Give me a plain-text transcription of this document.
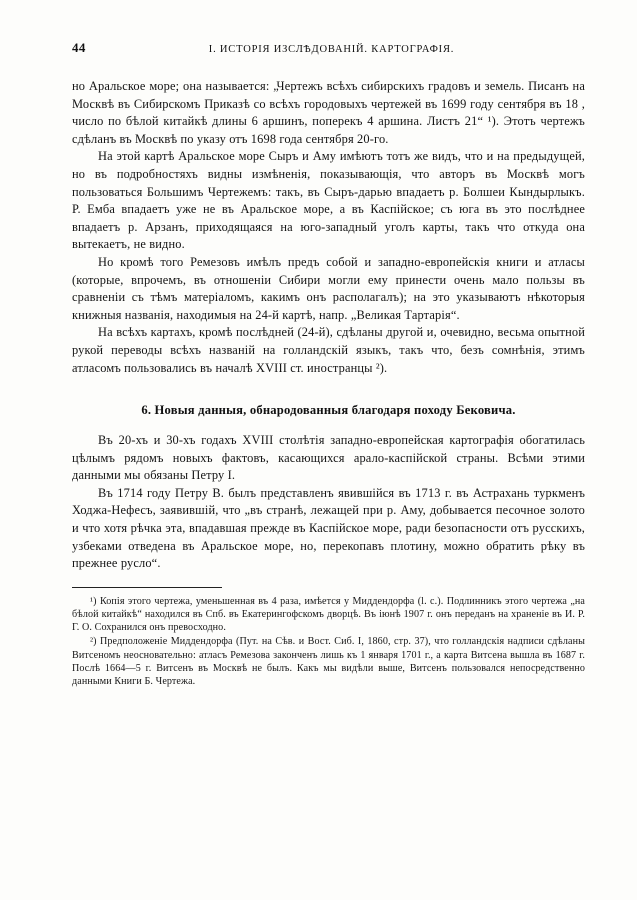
44	I. ИСТОРІЯ ИЗСЛѢДОВАНІЙ. КАРТОГРАФІЯ.

но Аральское море; она называется: „Чертежъ всѣхъ сибирскихъ градовъ и земель. Писанъ на Москвѣ въ Сибирскомъ Приказѣ со всѣхъ городовыхъ чертежей въ 1699 году сентября въ 18 , число по бѣлой китайкѣ длины 6 аршинъ, поперекъ 4 аршина. Листъ 21“ ¹). Этотъ чертежъ сдѣланъ въ Москвѣ по указу отъ 1698 года сентября 20-го.

На этой картѣ Аральское море Сыръ и Аму имѣютъ тотъ же видъ, что и на предыдущей, но въ подробностяхъ видны измѣненія, показывающія, что авторъ въ Москвѣ могъ пользоваться Большимъ Чертежемъ: такъ, въ Сыръ-дарью впадаетъ р. Болшеи Кындырлыкъ. Р. Емба впадаетъ уже не въ Аральское море, а въ Каспійское; съ юга въ это послѣднее впадаетъ р. Арзанъ, приходящаяся на юго-западный уголъ карты, такъ что откуда она вытекаетъ, не видно.

Но кромѣ того Ремезовъ имѣлъ предъ собой и западно-европейскія книги и атласы (которые, впрочемъ, въ отношеніи Сибири могли ему принести очень мало пользы въ сравненіи съ тѣмъ матеріаломъ, какимъ онъ располагалъ); на это указываютъ нѣкоторыя книжныя названія, находимыя на 24-й картѣ, напр. „Великая Тартарія“.

На всѣхъ картахъ, кромѣ послѣдней (24-й), сдѣланы другой и, очевидно, весьма опытной рукой переводы всѣхъ названій на голландскій языкъ, такъ что, безъ сомнѣнія, этимъ атласомъ пользовались въ началѣ XVIII ст. иностранцы ²).

6. Новыя данныя, обнародованныя благодаря походу Бековича.

Въ 20-хъ и 30-хъ годахъ XVIII столѣтія западно-европейская картографія обогатилась цѣлымъ рядомъ новыхъ фактовъ, касающихся арало-каспійской страны. Всѣми этими данными мы обязаны Петру I.

Въ 1714 году Петру В. былъ представленъ явившійся въ 1713 г. въ Астрахань туркменъ Ходжа-Нефесъ, заявившій, что „въ странѣ, лежащей при р. Аму, добывается песочное золото и что хотя рѣчка эта, впадавшая прежде въ Каспійское море, ради безопасности отъ русскихъ, узбеками отведена въ Аральское море, но, перекопавъ плотину, можно обратить рѣку въ прежнее русло“.

¹) Копія этого чертежа, уменьшенная въ 4 раза, имѣется у Миддендорфа (l. c.). Подлинникъ этого чертежа „на бѣлой китайкѣ“ находился въ Спб. въ Екатерингофскомъ дворцѣ. Въ іюнѣ 1907 г. онъ переданъ на храненіе въ И. Р. Г. О. Сохранился онъ превосходно.

²) Предположеніе Миддендорфа (Пут. на Сѣв. и Вост. Сиб. I, 1860, стр. 37), что голландскія надписи сдѣланы Витсеномъ неосновательно: атласъ Ремезова законченъ лишь къ 1 января 1701 г., а карта Витсена вышла въ 1687 г. Послѣ 1664—5 г. Витсенъ въ Москвѣ не былъ. Какъ мы видѣли выше, Витсенъ пользовался непосредственно данными Книги Б. Чертежа.
